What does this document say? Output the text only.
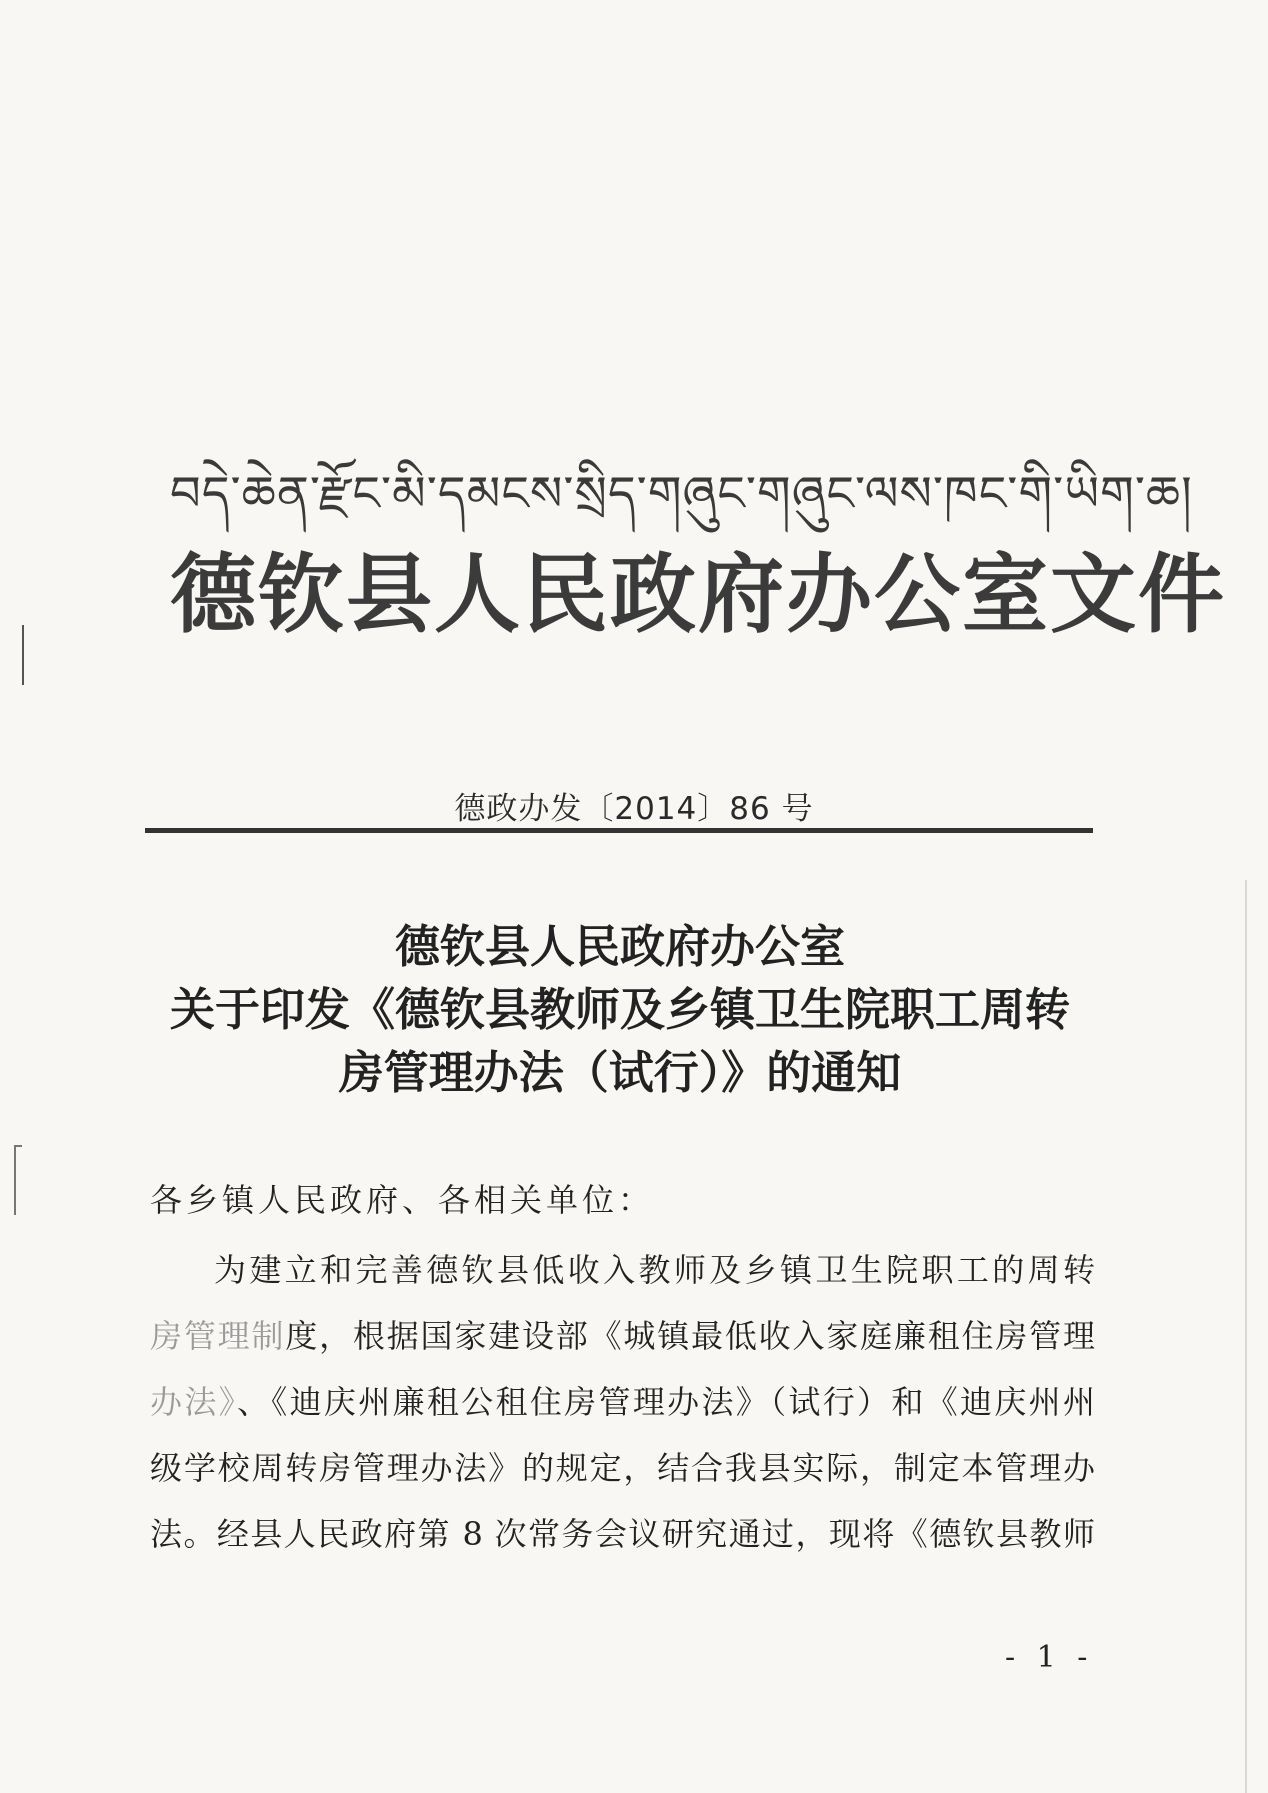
བདེ་ཆེན་རྫོང་མི་དམངས་སྲིད་གཞུང་གཞུང་ལས་ཁང་གི་ཡིག་ཆ།
德钦县人民政府办公室文件
德政办发〔2014〕86 号
德钦县人民政府办公室
关于印发《德钦县教师及乡镇卫生院职工周转
房管理办法（试行）》的通知
各乡镇人民政府、各相关单位：
为建立和完善德钦县低收入教师及乡镇卫生院职工的周转
房管理制度，根据国家建设部《城镇最低收入家庭廉租住房管理
办法》、《迪庆州廉租公租住房管理办法》（试行）和《迪庆州州
级学校周转房管理办法》的规定，结合我县实际，制定本管理办
法。经县人民政府第 8 次常务会议研究通过，现将《德钦县教师
- 1 -
